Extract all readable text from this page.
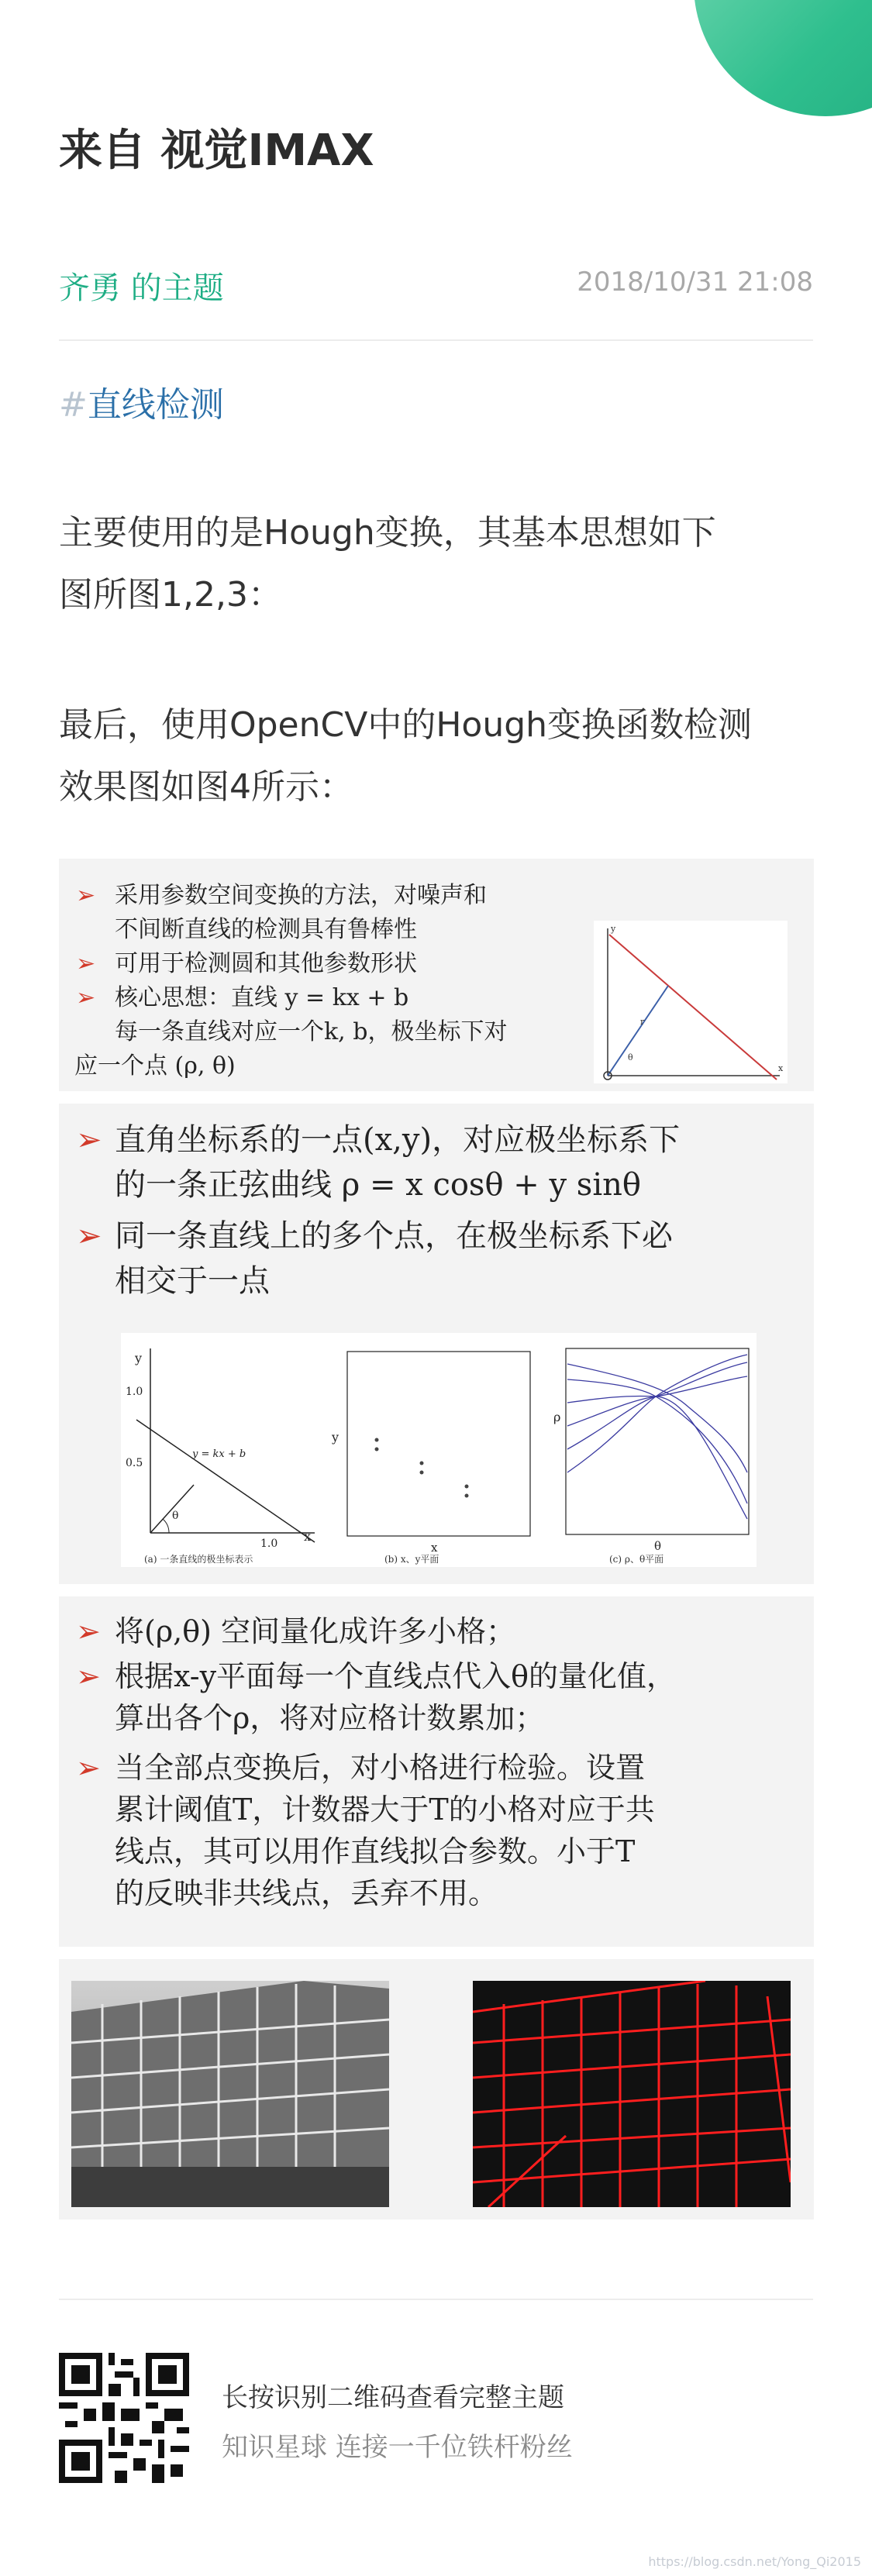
来自 视觉IMAX
齐勇 的主题	2018/10/31 21:08
#直线检测
主要使用的是Hough变换，其基本思想如下
图所图1,2,3：
最后，使用OpenCV中的Hough变换函数检测
效果图如图4所示：
➢ 采用参数空间变换的方法，对噪声和
不间断直线的检测具有鲁棒性
➢ 可用于检测圆和其他参数形状
➢ 核心思想：直线 y = kx + b
每一条直线对应一个k, b，极坐标下对
应一个点 (ρ, θ)
y
x
r
θ
➢ 直角坐标系的一点(x,y)，对应极坐标系下
的一条正弦曲线 ρ = x cosθ + y sinθ
➢ 同一条直线上的多个点，在极坐标系下必
相交于一点
y
x
1.0
0.5
1.0
y = kx + b
θ
(a) 一条直线的极坐标表示
y
x
(b) x、y平面
ρ
θ
(c) ρ、θ平面
➢ 将(ρ,θ) 空间量化成许多小格；
➢ 根据x-y平面每一个直线点代入θ的量化值，
算出各个ρ，将对应格计数累加；
➢ 当全部点变换后，对小格进行检验。设置
累计阈值T，计数器大于T的小格对应于共
线点，其可以用作直线拟合参数。小于T
的反映非共线点，丢弃不用。
长按识别二维码查看完整主题
知识星球 连接一千位铁杆粉丝
https://blog.csdn.net/Yong_Qi2015
